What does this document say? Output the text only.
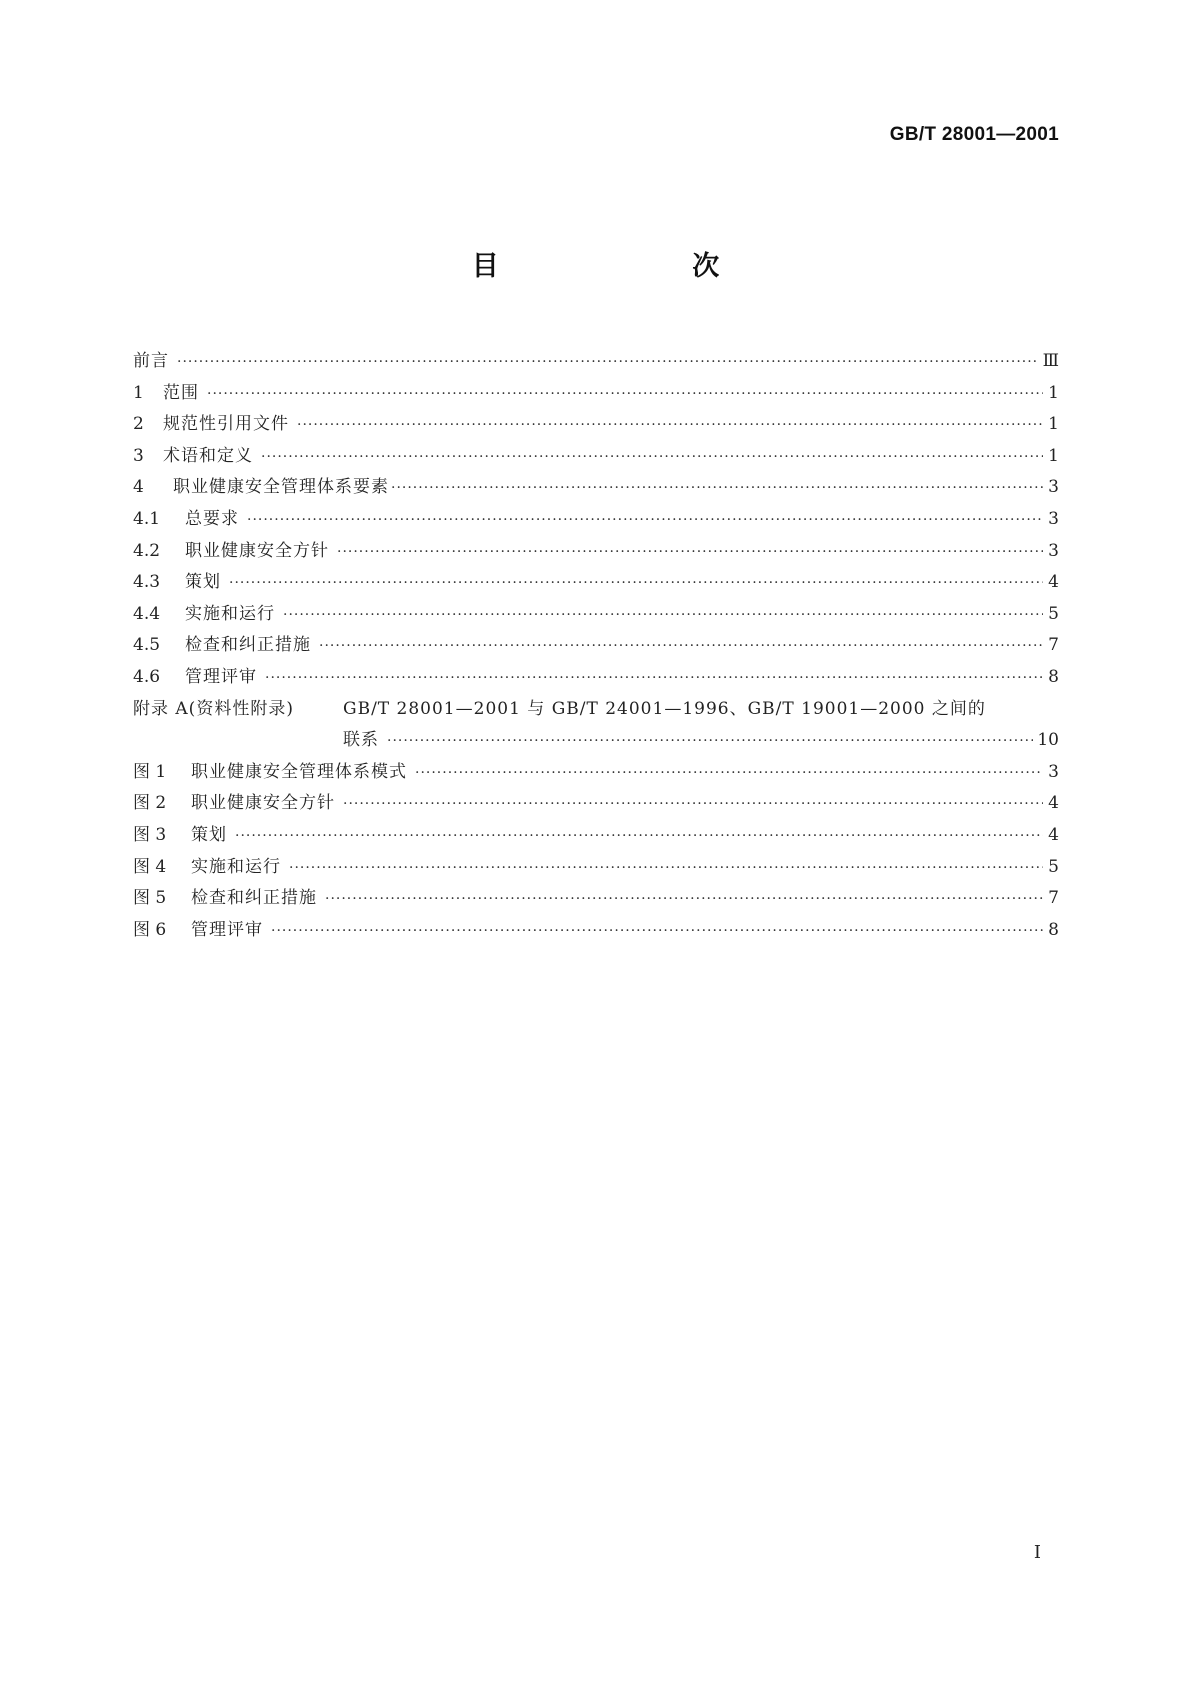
GB/T 28001—2001
目 次
前言 ·····	Ⅲ
1	范围 ·····	1
2	规范性引用文件 ·····	1
3	术语和定义 ·····	1
4	职业健康安全管理体系要素 ·····	3
4.1	总要求 ·····	3
4.2	职业健康安全方针 ·····	3
4.3	策划 ·····	4
4.4	实施和运行 ·····	5
4.5	检查和纠正措施 ·····	7
4.6	管理评审 ·····	8
附录 A(资料性附录)	GB/T 28001—2001 与 GB/T 24001—1996、GB/T 19001—2000 之间的
联系 ·····	10
图 1	职业健康安全管理体系模式 ·····	3
图 2	职业健康安全方针 ·····	4
图 3	策划 ·····	4
图 4	实施和运行 ·····	5
图 5	检查和纠正措施 ·····	7
图 6	管理评审 ·····	8
I
